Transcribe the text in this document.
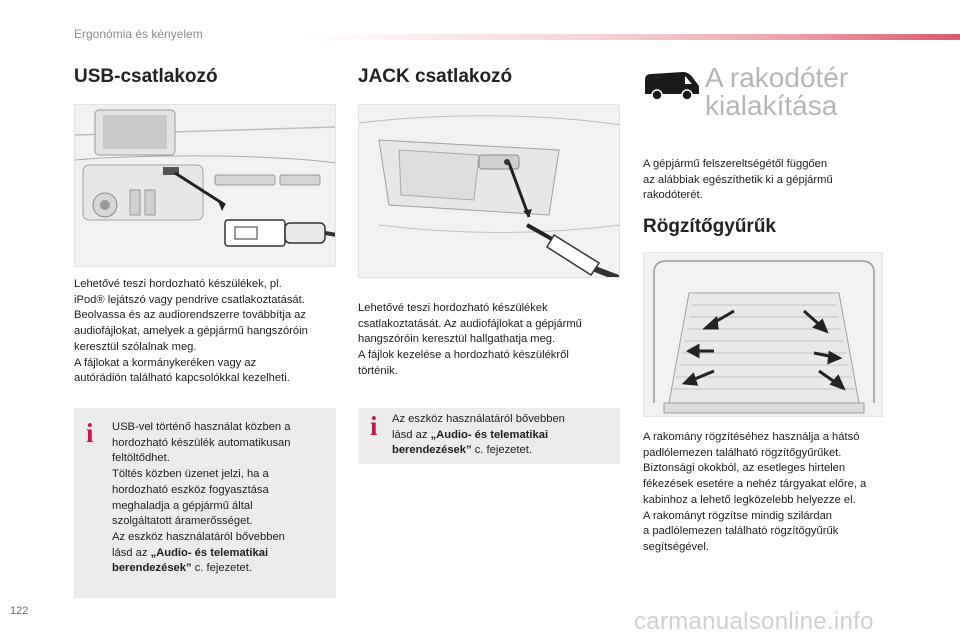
Ergonómia és kényelem
USB-csatlakozó
Lehetővé teszi hordozható készülékek, pl.
iPod® lejátszó vagy pendrive csatlakoztatását.
Beolvassa és az audiorendszerre továbbítja az
audiofájlokat, amelyek a gépjármű hangszóróin
keresztül szólalnak meg.
A fájlokat a kormánykeréken vagy az
autórádión található kapcsolókkal kezelheti.
i USB-vel történő használat közben a
hordozható készülék automatikusan
feltöltődhet.
Töltés közben üzenet jelzi, ha a
hordozható eszköz fogyasztása
meghaladja a gépjármű által
szolgáltatott áramerősséget.
Az eszköz használatáról bővebben
lásd az „Audio- és telematikai
berendezések” c. fejezetet.
JACK csatlakozó
Lehetővé teszi hordozható készülékek
csatlakoztatását. Az audiofájlokat a gépjármű
hangszóróin keresztül hallgathatja meg.
A fájlok kezelése a hordozható készülékről
történik.
i Az eszköz használatáról bővebben
lásd az „Audio- és telematikai
berendezések” c. fejezetet.
A rakodótér
kialakítása
A gépjármű felszereltségétől függően
az alábbiak egészíthetik ki a gépjármű
rakodóterét.
Rögzítőgyűrűk
A rakomány rögzítéséhez használja a hátsó
padlólemezen található rögzítőgyűrűket.
Biztonsági okokból, az esetleges hirtelen
fékezések esetére a nehéz tárgyakat előre, a
kabinhoz a lehető legközelebb helyezze el.
A rakományt rögzítse mindig szilárdan
a padlólemezen található rögzítőgyűrűk
segítségével.
122	carmanualsonline.info
